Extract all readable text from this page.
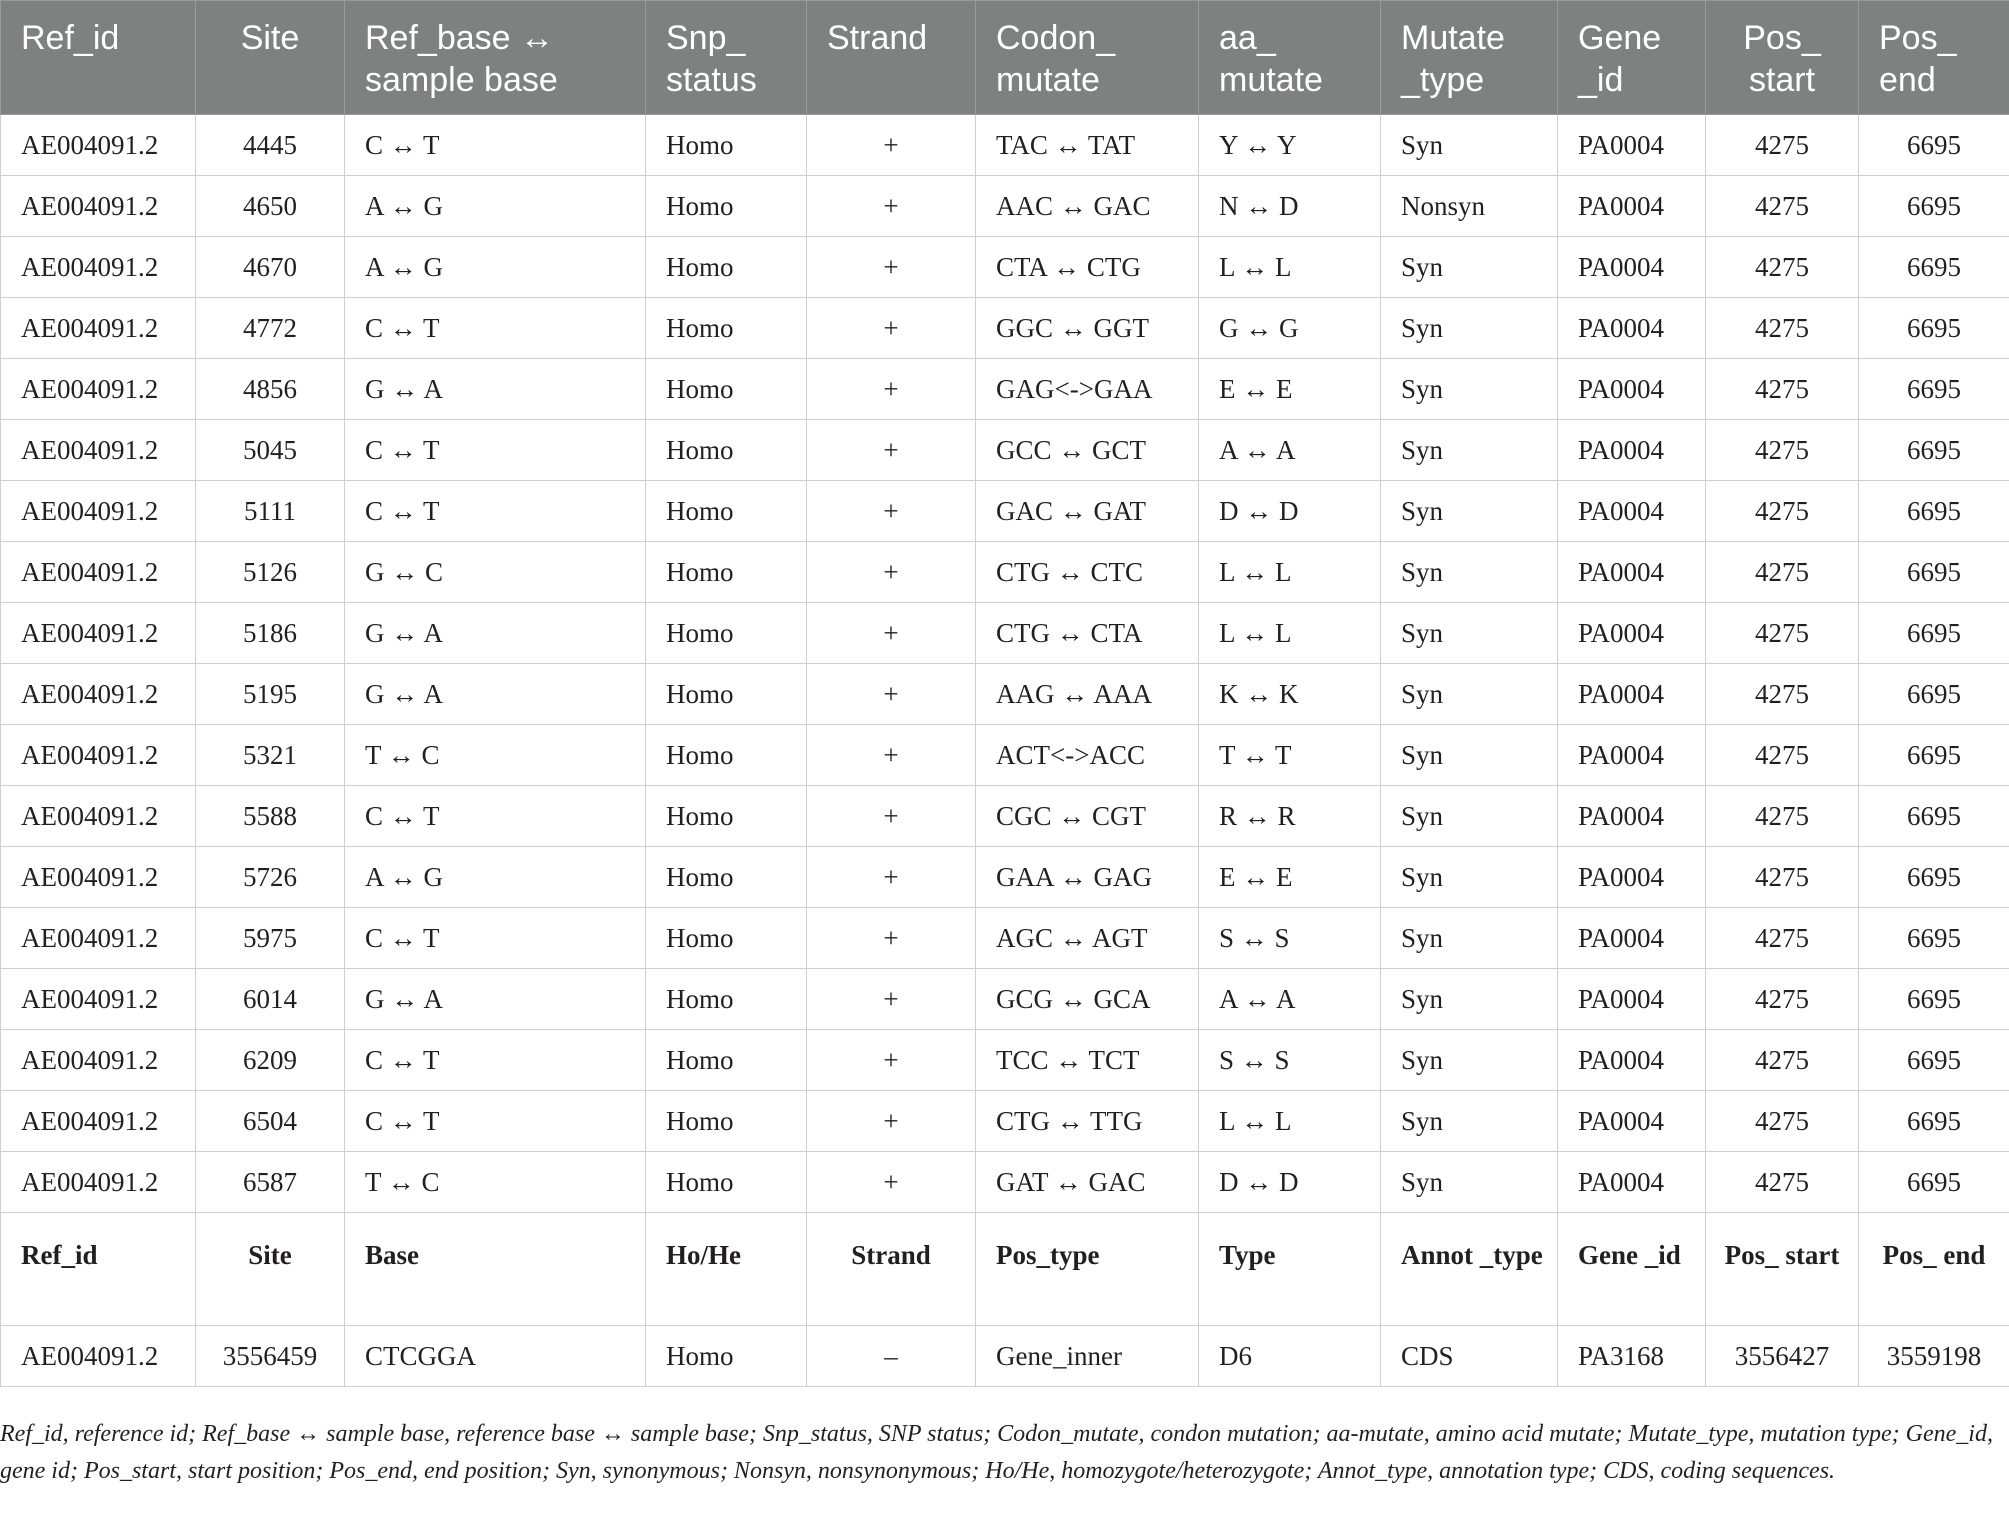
Ref_id	Site	Ref_base ↔ sample base	Snp_ status	Strand	Codon_ mutate	aa_ mutate	Mutate _type	Gene _id	Pos_ start	Pos_ end
AE004091.2	4445	C ↔ T	Homo	+	TAC ↔ TAT	Y ↔ Y	Syn	PA0004	4275	6695
AE004091.2	4650	A ↔ G	Homo	+	AAC ↔ GAC	N ↔ D	Nonsyn	PA0004	4275	6695
AE004091.2	4670	A ↔ G	Homo	+	CTA ↔ CTG	L ↔ L	Syn	PA0004	4275	6695
AE004091.2	4772	C ↔ T	Homo	+	GGC ↔ GGT	G ↔ G	Syn	PA0004	4275	6695
AE004091.2	4856	G ↔ A	Homo	+	GAG<->GAA	E ↔ E	Syn	PA0004	4275	6695
AE004091.2	5045	C ↔ T	Homo	+	GCC ↔ GCT	A ↔ A	Syn	PA0004	4275	6695
AE004091.2	5111	C ↔ T	Homo	+	GAC ↔ GAT	D ↔ D	Syn	PA0004	4275	6695
AE004091.2	5126	G ↔ C	Homo	+	CTG ↔ CTC	L ↔ L	Syn	PA0004	4275	6695
AE004091.2	5186	G ↔ A	Homo	+	CTG ↔ CTA	L ↔ L	Syn	PA0004	4275	6695
AE004091.2	5195	G ↔ A	Homo	+	AAG ↔ AAA	K ↔ K	Syn	PA0004	4275	6695
AE004091.2	5321	T ↔ C	Homo	+	ACT<->ACC	T ↔ T	Syn	PA0004	4275	6695
AE004091.2	5588	C ↔ T	Homo	+	CGC ↔ CGT	R ↔ R	Syn	PA0004	4275	6695
AE004091.2	5726	A ↔ G	Homo	+	GAA ↔ GAG	E ↔ E	Syn	PA0004	4275	6695
AE004091.2	5975	C ↔ T	Homo	+	AGC ↔ AGT	S ↔ S	Syn	PA0004	4275	6695
AE004091.2	6014	G ↔ A	Homo	+	GCG ↔ GCA	A ↔ A	Syn	PA0004	4275	6695
AE004091.2	6209	C ↔ T	Homo	+	TCC ↔ TCT	S ↔ S	Syn	PA0004	4275	6695
AE004091.2	6504	C ↔ T	Homo	+	CTG ↔ TTG	L ↔ L	Syn	PA0004	4275	6695
AE004091.2	6587	T ↔ C	Homo	+	GAT ↔ GAC	D ↔ D	Syn	PA0004	4275	6695
Ref_id	Site	Base	Ho/He	Strand	Pos_type	Type	Annot _type	Gene _id	Pos_ start	Pos_ end
AE004091.2	3556459	CTCGGA	Homo	–	Gene_inner	D6	CDS	PA3168	3556427	3559198
Ref_id, reference id; Ref_base ↔ sample base, reference base ↔ sample base; Snp_status, SNP status; Codon_mutate, condon mutation; aa-mutate, amino acid mutate; Mutate_type, mutation type; Gene_id, gene id; Pos_start, start position; Pos_end, end position; Syn, synonymous; Nonsyn, nonsynonymous; Ho/He, homozygote/heterozygote; Annot_type, annotation type; CDS, coding sequences.
